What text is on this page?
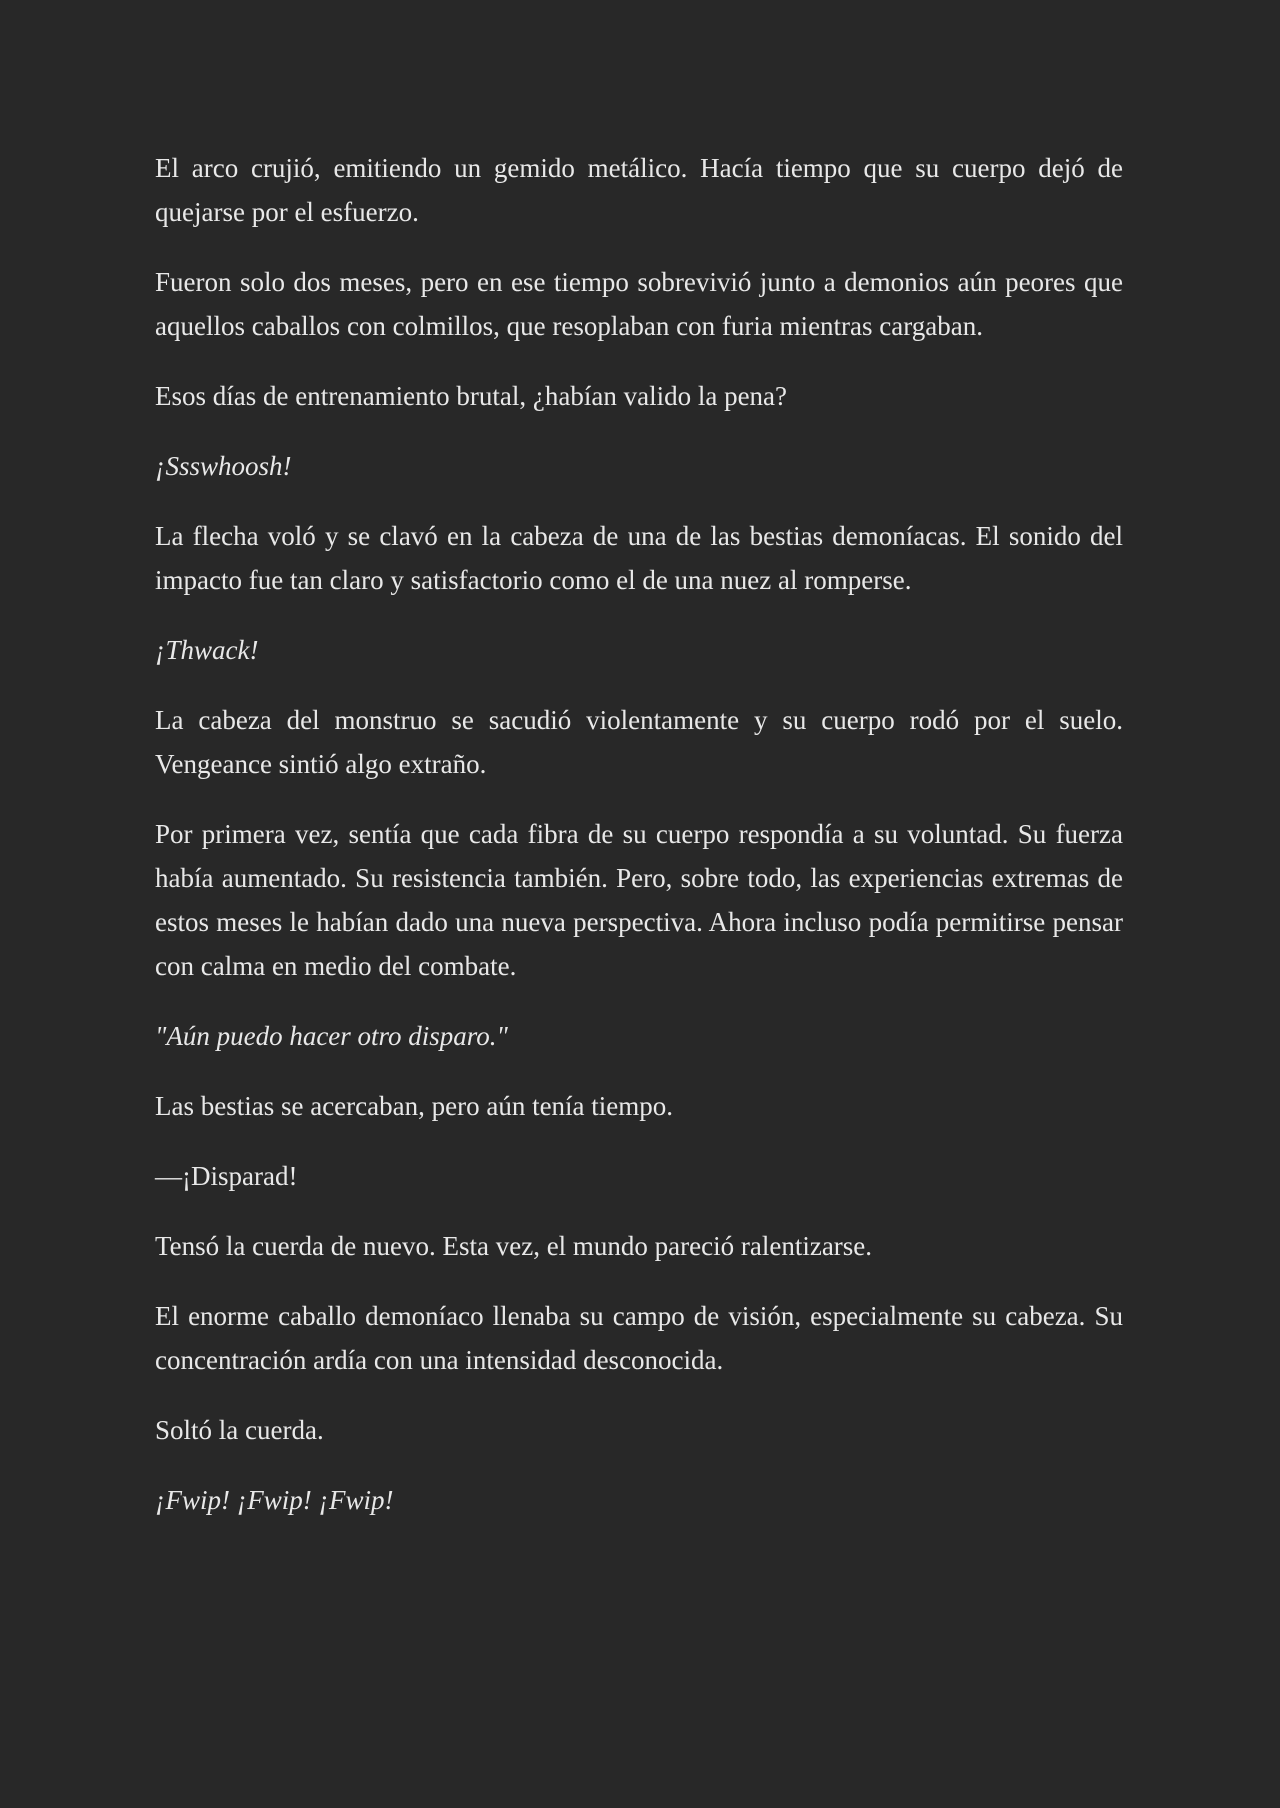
El arco crujió, emitiendo un gemido metálico. Hacía tiempo que su cuerpo dejó de quejarse por el esfuerzo.

Fueron solo dos meses, pero en ese tiempo sobrevivió junto a demonios aún peores que aquellos caballos con colmillos, que resoplaban con furia mientras cargaban.

Esos días de entrenamiento brutal, ¿habían valido la pena?

¡Ssswhoosh!

La flecha voló y se clavó en la cabeza de una de las bestias demoníacas. El sonido del impacto fue tan claro y satisfactorio como el de una nuez al romperse.

¡Thwack!

La cabeza del monstruo se sacudió violentamente y su cuerpo rodó por el suelo. Vengeance sintió algo extraño.

Por primera vez, sentía que cada fibra de su cuerpo respondía a su voluntad. Su fuerza había aumentado. Su resistencia también. Pero, sobre todo, las experiencias extremas de estos meses le habían dado una nueva perspectiva. Ahora incluso podía permitirse pensar con calma en medio del combate.

"Aún puedo hacer otro disparo."

Las bestias se acercaban, pero aún tenía tiempo.

—¡Disparad!

Tensó la cuerda de nuevo. Esta vez, el mundo pareció ralentizarse.

El enorme caballo demoníaco llenaba su campo de visión, especialmente su cabeza. Su concentración ardía con una intensidad desconocida.

Soltó la cuerda.

¡Fwip! ¡Fwip! ¡Fwip!
